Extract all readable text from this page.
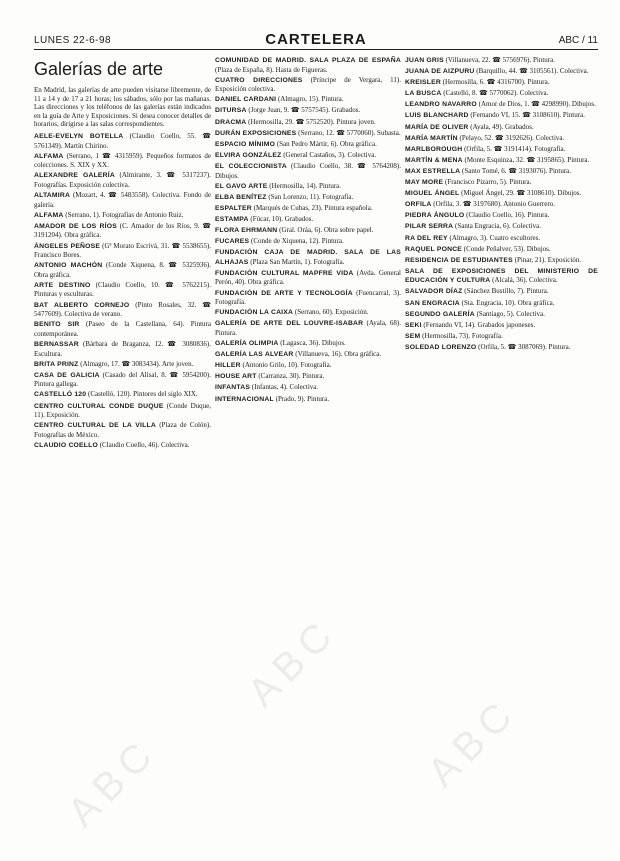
LUNES 22-6-98	CARTELERA	ABC / 11
Galerías de arte

En Madrid, las galerías de arte pueden visitarse libremente, de 11 a 14 y de 17 a 21 horas; los sábados, sólo por las mañanas. Las direcciones y los teléfonos de las galerías están indicados en la guía de Arte y Exposiciones. Si desea conocer detalles de horarios, dirigirse a las salas correspondientes.

AELE-EVELYN BOTELLA (Claudio Coello, 55. ☎ 5761349). Martín Chirino.

ALFAMA (Serrano, 1 ☎ 4315959). Pequeños formatos de colecciones. S. XIX y XX.

ALEXANDRE GALERÍA (Almirante, 3. ☎ 5317237). Fotografías. Exposición colectiva.

ALTAMIRA (Mozart, 4. ☎ 5483558). Colectiva. Fondo de galería.

ALFAMA (Serrano, 1). Fotografías de Antonio Ruiz.

AMADOR DE LOS RÍOS (C. Amador de los Ríos, 9. ☎ 3191204). Obra gráfica.

ÁNGELES PEÑOSE (Gª Morato Escrivá, 31. ☎ 5538655). Francisco Bores.

ANTONIO MACHÓN (Conde Xiquena, 8. ☎ 5325936). Obra gráfica.

ARTE DESTINO (Claudio Coello, 10. ☎ 5762215). Pinturas y esculturas.

BAT ALBERTO CORNEJO (Pinto Rosales, 32. ☎ 5477609). Colectiva de verano.

BENITO SIR (Paseo de la Castellana, 64). Pintura contemporánea.

BERNASSAR (Bárbara de Braganza, 12. ☎ 3080836). Escultura.

BRITA PRINZ (Almagro, 17. ☎ 3083434). Arte joven.

CASA DE GALICIA (Casado del Alisal, 8. ☎ 5954200). Pintura gallega.

CASTELLÓ 120 (Castelló, 120). Pintores del siglo XIX.

CENTRO CULTURAL CONDE DUQUE (Conde Duque, 11). Exposición.

CENTRO CULTURAL DE LA VILLA (Plaza de Colón). Fotografías de México.

CLAUDIO COELLO (Claudio Coello, 46). Colectiva.

COMUNIDAD DE MADRID. SALA PLAZA DE ESPAÑA (Plaza de España, 8). Hasta de Figueras.

CUATRO DIRECCIONES (Príncipe de Vergara, 11). Exposición colectiva.

DANIEL CARDANI (Almagro, 15). Pintura.

DITURSA (Jorge Juan, 9. ☎ 5757545). Grabados.

DRACMA (Hermosilla, 29. ☎ 5752520). Pintura joven.

DURÁN EXPOSICIONES (Serrano, 12. ☎ 5770060). Subasta.

ESPACIO MÍNIMO (San Pedro Mártir, 6). Obra gráfica.

ELVIRA GONZÁLEZ (General Castaños, 3). Colectiva.

EL COLECCIONISTA (Claudio Coello, 38. ☎ 5764208). Dibujos.

EL GAVO ARTE (Hermosilla, 14). Pintura.

ELBA BENÍTEZ (San Lorenzo, 11). Fotografía.

ESPALTER (Marqués de Cubas, 23). Pintura española.

ESTAMPA (Fúcar, 10). Grabados.

FLORA EHRMANN (Gral. Oráa, 6). Obra sobre papel.

FUCARES (Conde de Xiquena, 12). Pintura.

FUNDACIÓN CAJA DE MADRID. SALA DE LAS ALHAJAS (Plaza San Martín, 1). Fotografía.

FUNDACIÓN CULTURAL MAPFRE VIDA (Avda. General Perón, 40). Obra gráfica.

FUNDACIÓN DE ARTE Y TECNOLOGÍA (Fuencarral, 3). Fotografía.

FUNDACIÓN LA CAIXA (Serrano, 60). Exposición.

GALERÍA DE ARTE DEL LOUVRE-ISABAR (Ayala, 68). Pintura.

GALERÍA OLIMPIA (Lagasca, 36). Dibujos.

GALERÍA LAS ALVEAR (Villanueva, 16). Obra gráfica.

HILLER (Antonio Grilo, 10). Fotografía.

HOUSE ART (Carranza, 30). Pintura.

INFANTAS (Infantas, 4). Colectiva.

INTERNACIONAL (Prado, 9). Pintura.

JUAN GRIS (Villanueva, 22. ☎ 5756976). Pintura.

JUANA DE AIZPURU (Barquillo, 44. ☎ 3105561). Colectiva.

KREISLER (Hermosilla, 6. ☎ 4316700). Pintura.

LA BUSCA (Castelló, 8. ☎ 5770062). Colectiva.

LEANDRO NAVARRO (Amor de Dios, 1. ☎ 4298990). Dibujos.

LUIS BLANCHARD (Fernando VI, 15. ☎ 3108610). Pintura.

MARÍA DE OLIVER (Ayala, 49). Grabados.

MARÍA MARTÍN (Pelayo, 52. ☎ 3192626). Colectiva.

MARLBOROUGH (Orfila, 5. ☎ 3191414). Fotografía.

MARTÍN & MENA (Monte Esquinza, 32. ☎ 3195865). Pintura.

MAX ESTRELLA (Santo Tomé, 6. ☎ 3193076). Pintura.

MAY MORE (Francisco Pizarro, 5). Pintura.

MIGUEL ÁNGEL (Miguel Ángel, 29. ☎ 3108610). Dibujos.

ORFILA (Orfila, 3. ☎ 3197680). Antonio Guerrero.

PIEDRA ÁNGULO (Claudio Coello, 16). Pintura.

PILAR SERRA (Santa Engracia, 6). Colectiva.

RA DEL REY (Almagro, 3). Cuatro escultores.

RAQUEL PONCE (Conde Peñalver, 53). Dibujos.

RESIDENCIA DE ESTUDIANTES (Pinar, 21). Exposición.

SALA DE EXPOSICIONES DEL MINISTERIO DE EDUCACIÓN Y CULTURA (Alcalá, 36). Colectiva.

SALVADOR DÍAZ (Sánchez Bustillo, 7). Pintura.

SAN ENGRACIA (Sta. Engracia, 10). Obra gráfica.

SEGUNDO GALERÍA (Santiago, 5). Colectiva.

SEKI (Fernando VI, 14). Grabados japoneses.

SEM (Hermosilla, 73). Fotografía.

SOLEDAD LORENZO (Orfila, 5. ☎ 3087069). Pintura.

ABC
ABC
ABC
